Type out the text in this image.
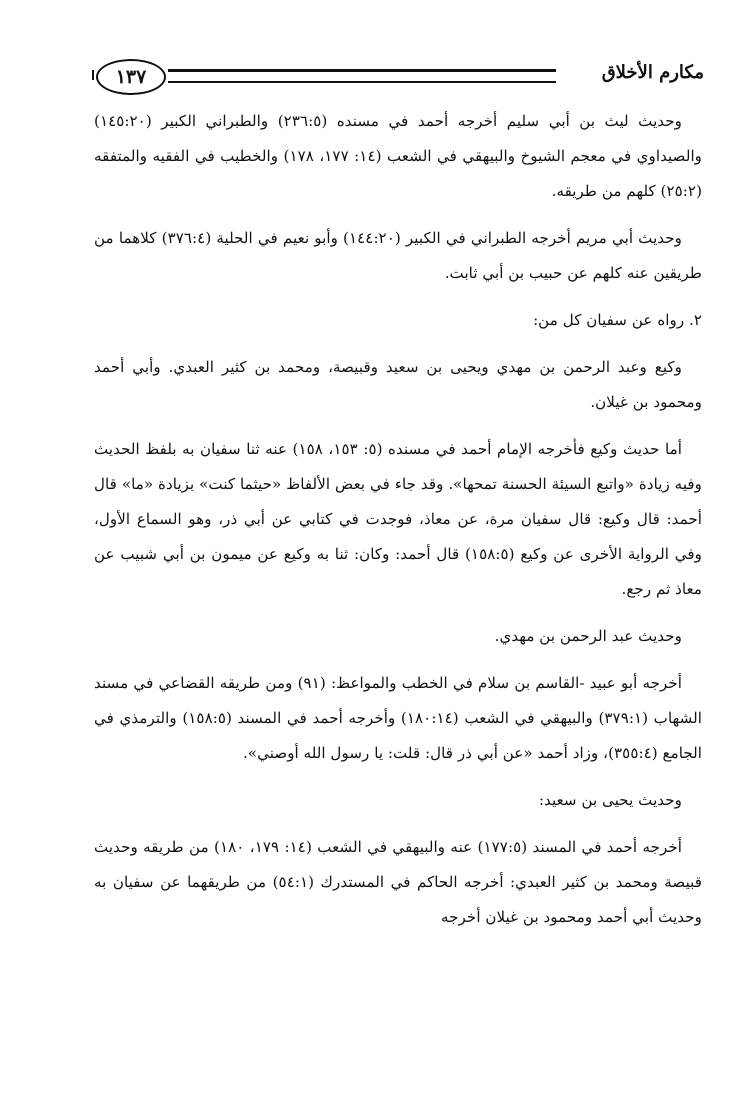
١٣٧	مكارم الأخلاق

وحديث ليث بن أبي سليم أخرجه أحمد في مسنده (٢٣٦:٥) والطبراني الكبير (١٤٥:٢٠) والصيداوي في معجم الشيوخ والبيهقي في الشعب (١٤: ١٧٧، ١٧٨) والخطيب في الفقيه والمتفقه (٢٥:٢) كلهم من طريقه.

وحديث أبي مريم أخرجه الطبراني في الكبير (١٤٤:٢٠) وأبو نعيم في الحلية (٣٧٦:٤) كلاهما من طريقين عنه كلهم عن حبيب بن أبي ثابت.

٢. رواه عن سفيان كل من:

وكيع وعبد الرحمن بن مهدي ويحيى بن سعيد وقبيصة، ومحمد بن كثير العبدي. وأبي أحمد ومحمود بن غيلان.

أما حديث وكيع فأخرجه الإمام أحمد في مسنده (٥: ١٥٣، ١٥٨) عنه ثنا سفيان به بلفظ الحديث وفيه زيادة «واتبع السيئة الحسنة تمحها». وقد جاء في بعض الألفاظ «حيثما كنت» بزيادة «ما» قال أحمد: قال وكيع: قال سفيان مرة، عن معاذ، فوجدت في كتابي عن أبي ذر، وهو السماع الأول، وفي الرواية الأخرى عن وكيع (١٥٨:٥) قال أحمد: وكان: ثنا به وكيع عن ميمون بن أبي شبيب عن معاذ ثم رجع.

وحديث عبد الرحمن بن مهدي.

أخرجه أبو عبيد -القاسم بن سلام في الخطب والمواعظ: (٩١) ومن طريقه القضاعي في مسند الشهاب (٣٧٩:١) والبيهقي في الشعب (١٨٠:١٤) وأخرجه أحمد في المسند (١٥٨:٥) والترمذي في الجامع (٣٥٥:٤)، وزاد أحمد «عن أبي ذر قال: قلت: يا رسول الله أوصني».

وحديث يحيى بن سعيد:

أخرجه أحمد في المسند (١٧٧:٥) عنه والبيهقي في الشعب (١٤: ١٧٩، ١٨٠) من طريقه وحديث قبيصة ومحمد بن كثير العبدي: أخرجه الحاكم في المستدرك (٥٤:١) من طريقهما عن سفيان به وحديث أبي أحمد ومحمود بن غيلان أخرجه
